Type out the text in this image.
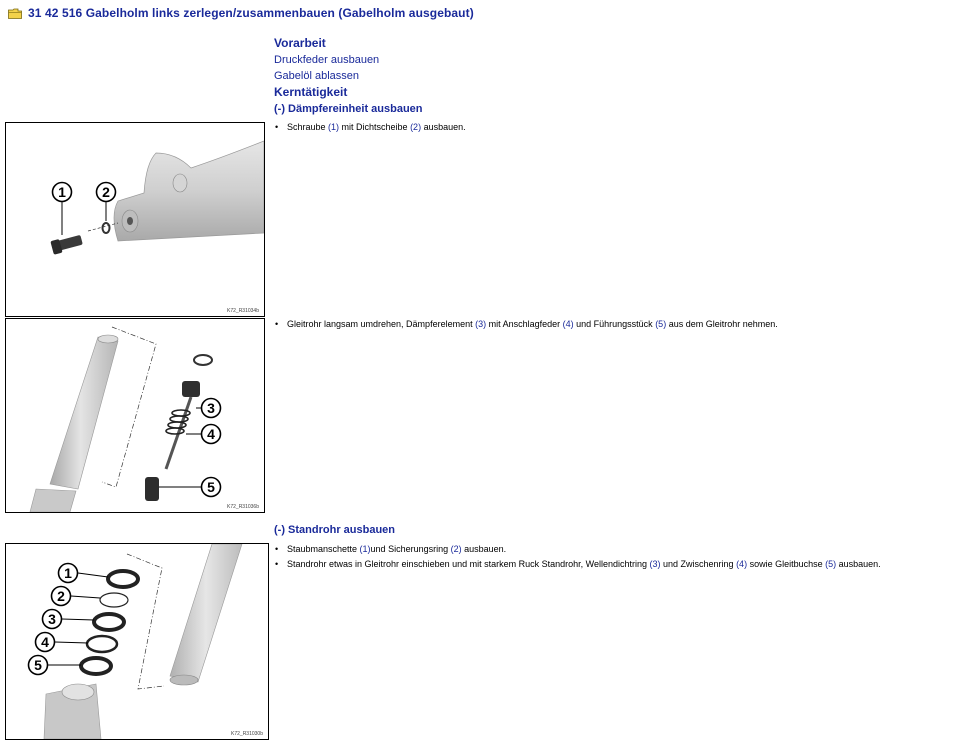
31 42 516 Gabelholm links zerlegen/zusammenbauen (Gabelholm ausgebaut)
Vorarbeit
Druckfeder ausbauen
Gabelöl ablassen
Kerntätigkeit
(-) Dämpfereinheit ausbauen
1	2
K72_R31034b
• Schraube (1) mit Dichtscheibe (2) ausbauen.
3
4
5
K72_R31036b
• Gleitrohr langsam umdrehen, Dämpferelement (3) mit Anschlagfeder (4) und Führungsstück (5) aus dem Gleitrohr nehmen.
(-) Standrohr ausbauen
1
2
3
4
5
K72_R31030b
• Staubmanschette (1)und Sicherungsring (2) ausbauen.
• Standrohr etwas in Gleitrohr einschieben und mit starkem Ruck Standrohr, Wellendichtring (3) und Zwischenring (4) sowie Gleitbuchse (5) ausbauen.
